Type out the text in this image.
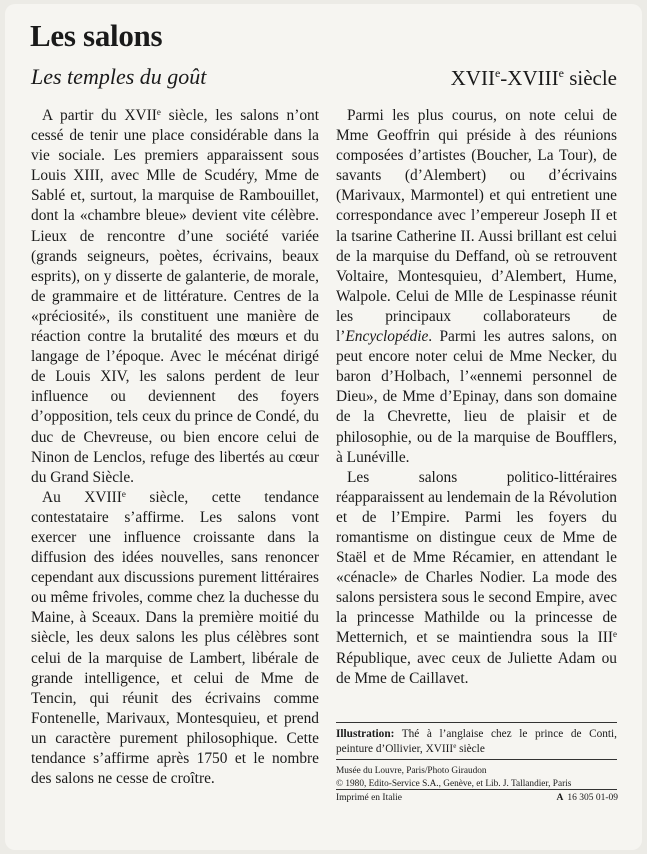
Les salons
Les temples du goût	XVIIe-XVIIIe siècle

A partir du XVIIe siècle, les salons n’ont cessé de tenir une place considérable dans la vie sociale. Les premiers apparaissent sous Louis XIII, avec Mlle de Scudéry, Mme de Sablé et, surtout, la marquise de Rambouillet, dont la «chambre bleue» devient vite célèbre. Lieux de rencontre d’une société variée (grands seigneurs, poètes, écrivains, beaux esprits), on y disserte de galanterie, de morale, de grammaire et de littérature. Centres de la «préciosité», ils constituent une manière de réaction contre la brutalité des mœurs et du langage de l’époque. Avec le mécénat dirigé de Louis XIV, les salons perdent de leur influence ou deviennent des foyers d’opposition, tels ceux du prince de Condé, du duc de Chevreuse, ou bien encore celui de Ninon de Lenclos, refuge des libertés au cœur du Grand Siècle.

Au XVIIIe siècle, cette tendance contestataire s’affirme. Les salons vont exercer une influence croissante dans la diffusion des idées nouvelles, sans renoncer cependant aux discussions purement littéraires ou même frivoles, comme chez la duchesse du Maine, à Sceaux. Dans la première moitié du siècle, les deux salons les plus célèbres sont celui de la marquise de Lambert, libérale de grande intelligence, et celui de Mme de Tencin, qui réunit des écrivains comme Fontenelle, Marivaux, Montesquieu, et prend un caractère purement philosophique. Cette tendance s’affirme après 1750 et le nombre des salons ne cesse de croître.

Parmi les plus courus, on note celui de Mme Geoffrin qui préside à des réunions composées d’artistes (Boucher, La Tour), de savants (d’Alembert) ou d’écrivains (Marivaux, Marmontel) et qui entretient une correspondance avec l’empereur Joseph II et la tsarine Catherine II. Aussi brillant est celui de la marquise du Deffand, où se retrouvent Voltaire, Montesquieu, d’Alembert, Hume, Walpole. Celui de Mlle de Lespinasse réunit les principaux collaborateurs de l’Encyclopédie. Parmi les autres salons, on peut encore noter celui de Mme Necker, du baron d’Holbach, l’«ennemi personnel de Dieu», de Mme d’Epinay, dans son domaine de la Chevrette, lieu de plaisir et de philosophie, ou de la marquise de Boufflers, à Lunéville.

Les salons politico-littéraires réapparaissent au lendemain de la Révolution et de l’Empire. Parmi les foyers du romantisme on distingue ceux de Mme de Staël et de Mme Récamier, en attendant le «cénacle» de Charles Nodier. La mode des salons persistera sous le second Empire, avec la princesse Mathilde ou la princesse de Metternich, et se maintiendra sous la IIIe République, avec ceux de Juliette Adam ou de Mme de Caillavet.

Illustration: Thé à l’anglaise chez le prince de Conti, peinture d’Ollivier, XVIIIe siècle
Musée du Louvre, Paris/Photo Giraudon
© 1980, Edito-Service S.A., Genève, et Lib. J. Tallandier, Paris
Imprimé en Italie	A 16 305 01-09
